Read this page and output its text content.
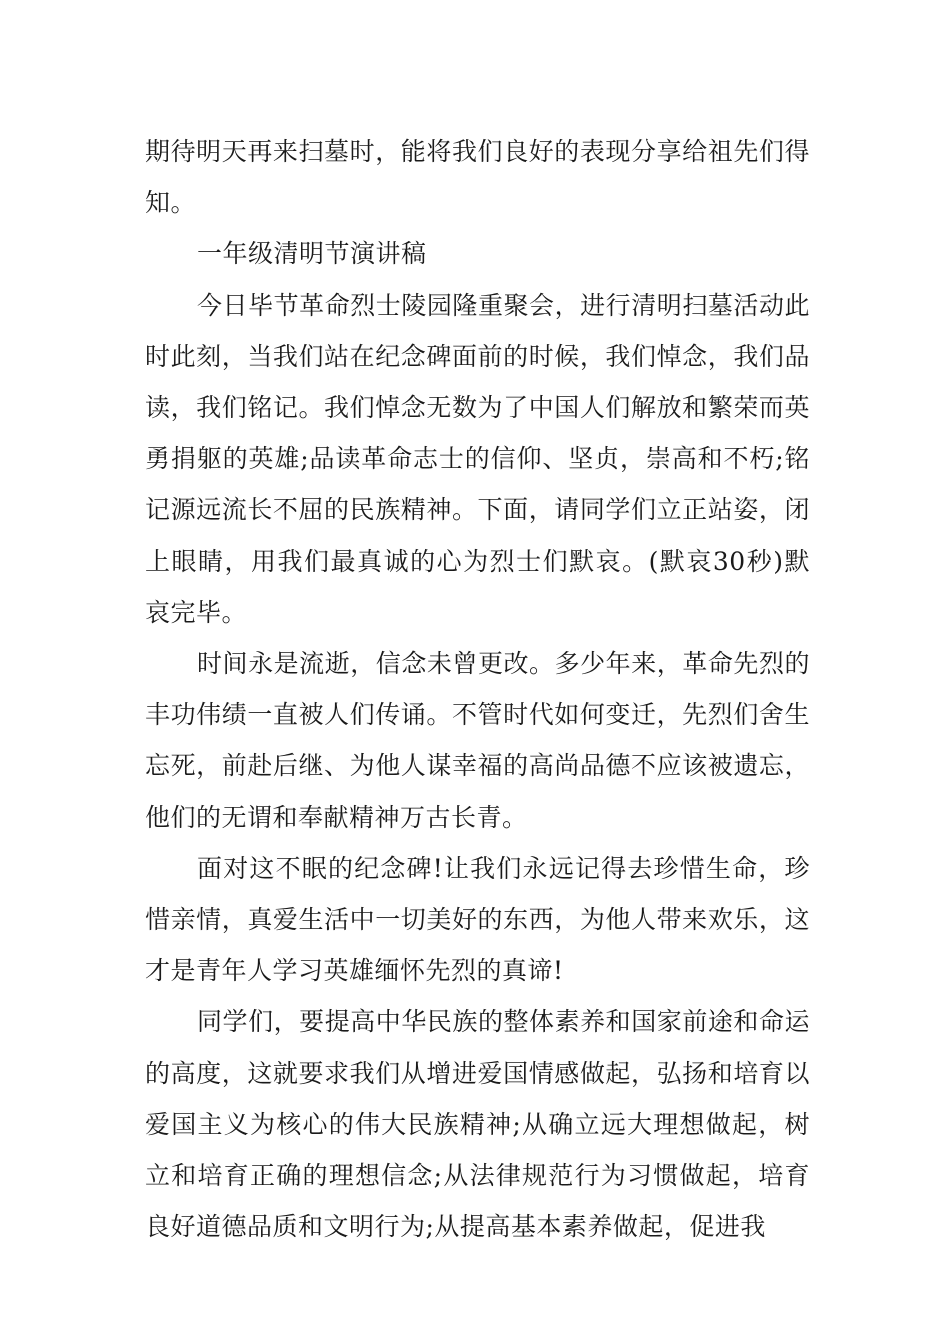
期待明天再来扫墓时，能将我们良好的表现分享给祖先们得知。

一年级清明节演讲稿

今日毕节革命烈士陵园隆重聚会，进行清明扫墓活动此时此刻，当我们站在纪念碑面前的时候，我们悼念，我们品读，我们铭记。我们悼念无数为了中国人们解放和繁荣而英勇捐躯的英雄;品读革命志士的信仰、坚贞，崇高和不朽;铭记源远流长不屈的民族精神。下面，请同学们立正站姿，闭上眼睛，用我们最真诚的心为烈士们默哀。(默哀30秒)默哀完毕。

时间永是流逝，信念未曾更改。多少年来，革命先烈的丰功伟绩一直被人们传诵。不管时代如何变迁，先烈们舍生忘死，前赴后继、为他人谋幸福的高尚品德不应该被遗忘，他们的无谓和奉献精神万古长青。

面对这不眠的纪念碑!让我们永远记得去珍惜生命，珍惜亲情，真爱生活中一切美好的东西，为他人带来欢乐，这才是青年人学习英雄缅怀先烈的真谛!

同学们，要提高中华民族的整体素养和国家前途和命运的高度，这就要求我们从增进爱国情感做起，弘扬和培育以爱国主义为核心的伟大民族精神;从确立远大理想做起，树立和培育正确的理想信念;从法律规范行为习惯做起，培育良好道德品质和文明行为;从提高基本素养做起，促进我
